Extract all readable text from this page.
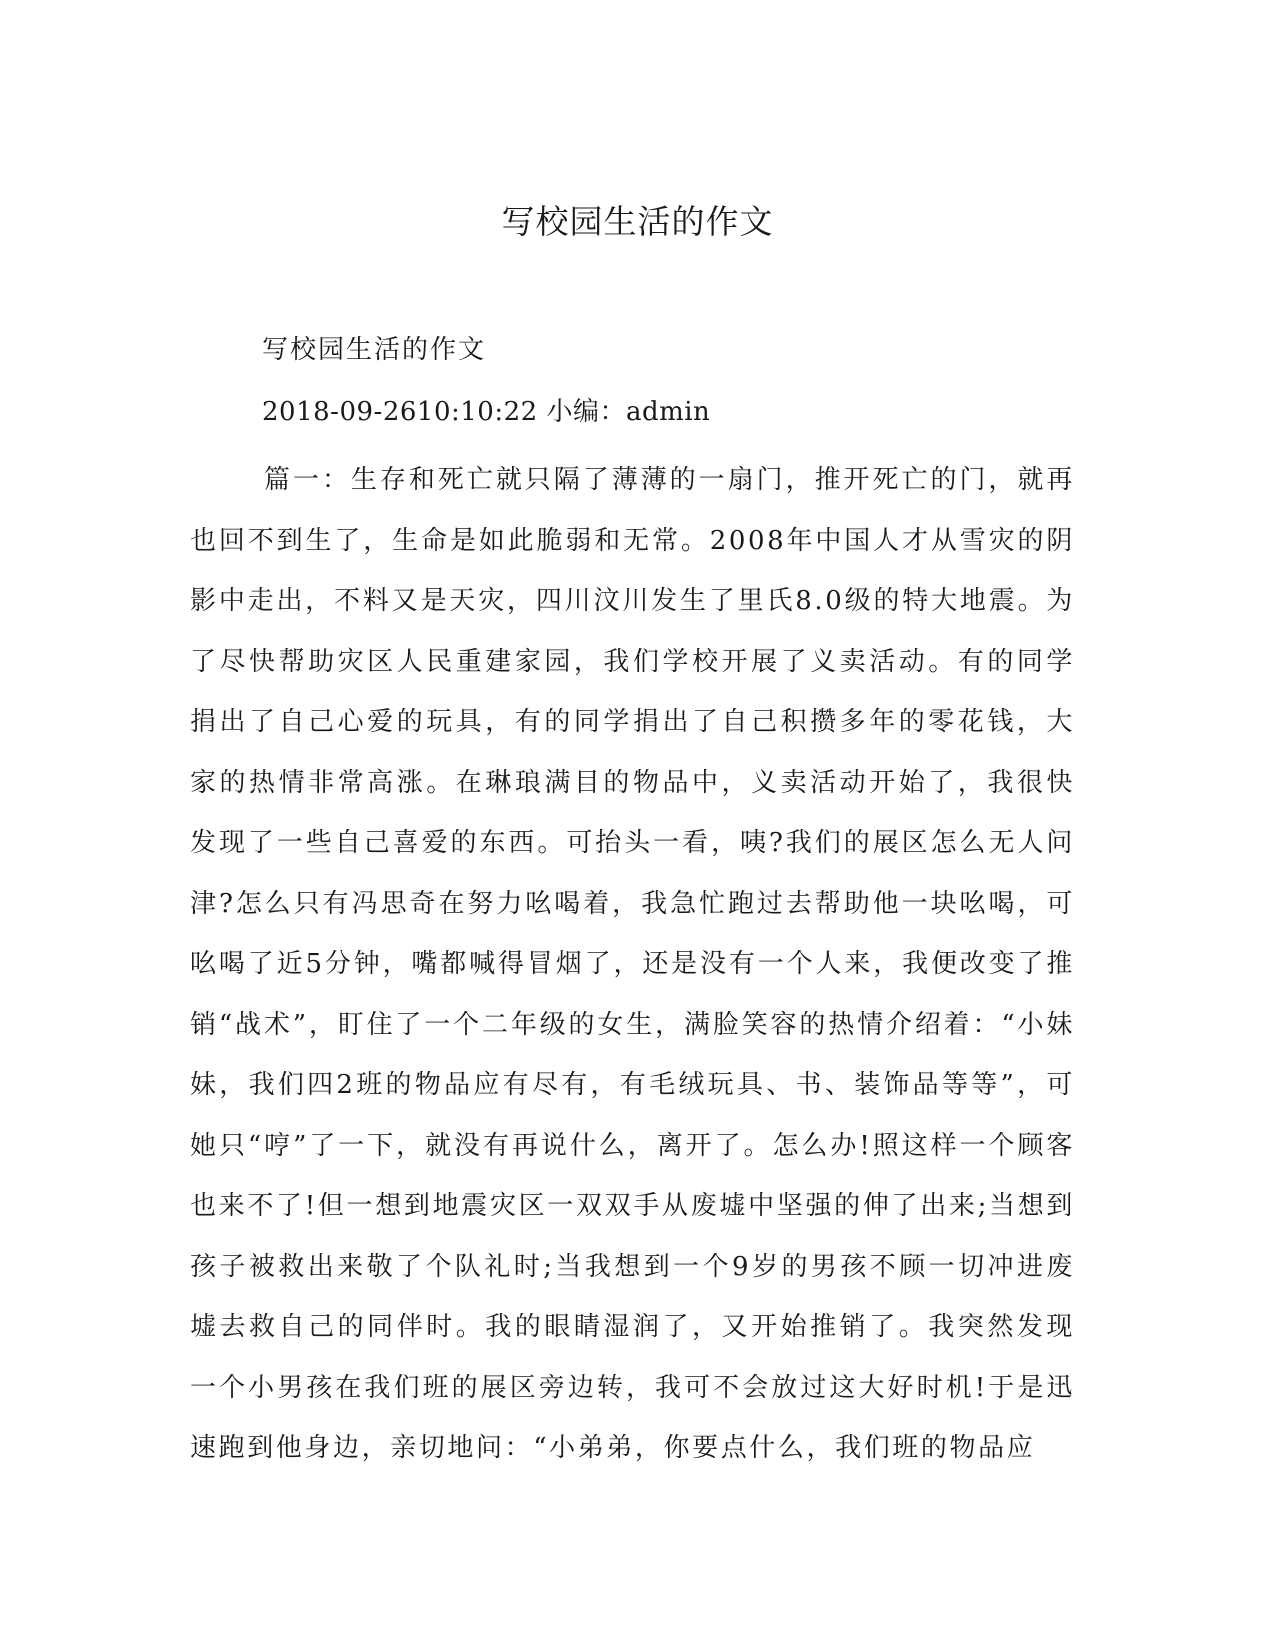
写校园生活的作文
写校园生活的作文
2018-09-2610:10:22 小编：admin

篇一：生存和死亡就只隔了薄薄的一扇门，推开死亡的门，就再也回不到生了，生命是如此脆弱和无常。2008年中国人才从雪灾的阴影中走出，不料又是天灾，四川汶川发生了里氏8.0级的特大地震。为了尽快帮助灾区人民重建家园，我们学校开展了义卖活动。有的同学捐出了自己心爱的玩具，有的同学捐出了自己积攒多年的零花钱，大家的热情非常高涨。在琳琅满目的物品中，义卖活动开始了，我很快发现了一些自己喜爱的东西。可抬头一看，咦?我们的展区怎么无人问津?怎么只有冯思奇在努力吆喝着，我急忙跑过去帮助他一块吆喝，可吆喝了近5分钟，嘴都喊得冒烟了，还是没有一个人来，我便改变了推销“战术”，盯住了一个二年级的女生，满脸笑容的热情介绍着：“小妹妹，我们四2班的物品应有尽有，有毛绒玩具、书、装饰品等等”，可她只“哼”了一下，就没有再说什么，离开了。怎么办!照这样一个顾客也来不了!但一想到地震灾区一双双手从废墟中坚强的伸了出来;当想到孩子被救出来敬了个队礼时;当我想到一个9岁的男孩不顾一切冲进废墟去救自己的同伴时。我的眼睛湿润了，又开始推销了。我突然发现一个小男孩在我们班的展区旁边转，我可不会放过这大好时机!于是迅速跑到他身边，亲切地问：“小弟弟，你要点什么，我们班的物品应
